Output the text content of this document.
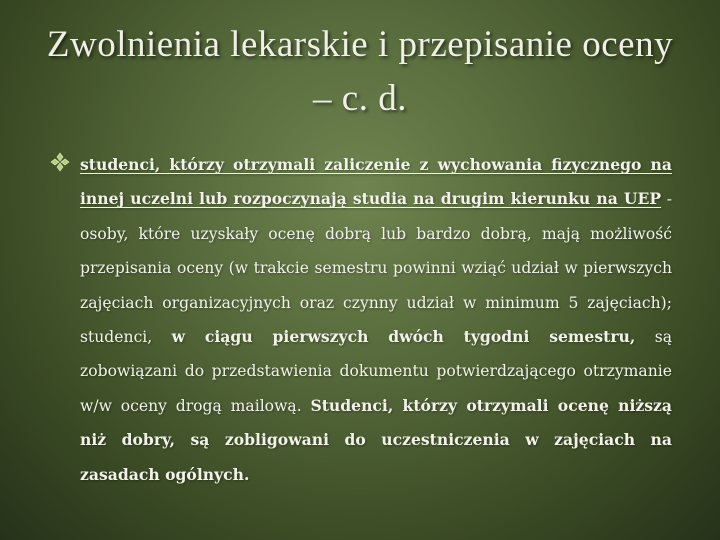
Zwolnienia lekarskie i przepisanie oceny
– c. d.
studenci, którzy otrzymali zaliczenie z wychowania fizycznego na innej uczelni lub rozpoczynają studia na drugim kierunku na UEP - osoby, które uzyskały ocenę dobrą lub bardzo dobrą, mają możliwość przepisania oceny (w trakcie semestru powinni wziąć udział w pierwszych zajęciach organizacyjnych oraz czynny udział w minimum 5 zajęciach); studenci, w ciągu pierwszych dwóch tygodni semestru, są zobowiązani do przedstawienia dokumentu potwierdzającego otrzymanie w/w oceny drogą mailową. Studenci, którzy otrzymali ocenę niższą niż dobry, są zobligowani do uczestniczenia w zajęciach na zasadach ogólnych.
